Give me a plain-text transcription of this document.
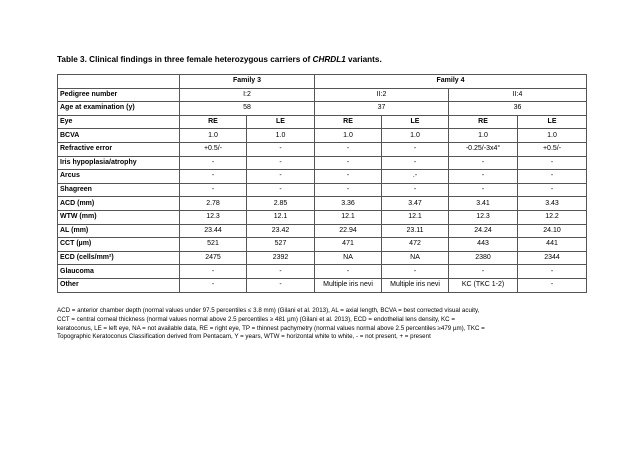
Table 3. Clinical findings in three female heterozygous carriers of CHRDL1 variants.
	Family 3		Family 4			
Pedigree number	I:2		II:2		II:4	
Age at examination (y)	58		37		36	
Eye	RE	LE	RE	LE	RE	LE
BCVA	1.0	1.0	1.0	1.0	1.0	1.0
Refractive error	+0.5/-	-	-	-	-0.25/-3x4°	+0.5/-
Iris hypoplasia/atrophy	-	-	-	-	-	-
Arcus	-	-	-	.-	-	-
Shagreen	-	-	-	-	-	-
ACD (mm)	2.78	2.85	3.36	3.47	3.41	3.43
WTW (mm)	12.3	12.1	12.1	12.1	12.3	12.2
AL (mm)	23.44	23.42	22.94	23.11	24.24	24.10
CCT (µm)	521	527	471	472	443	441
ECD (cells/mm²)	2475	2392	NA	NA	2380	2344
Glaucoma	-	-	-	-	-	-
Other	-	-	Multiple iris nevi	Multiple iris nevi	KC (TKC 1-2)	-
ACD = anterior chamber depth (normal values under 97.5 percentiles ≤ 3.8 mm) (Gilani et al. 2013), AL = axial length, BCVA = best corrected visual acuity,
CCT = central corneal thickness (normal values normal above 2.5 percentiles ≥ 481 µm) (Gilani et al. 2013), ECD = endothelial lens density, KC =
keratoconus, LE = left eye, NA = not available data, RE = right eye, TP = thinnest pachymetry (normal values normal above 2.5 percentiles ≥479 µm), TKC =
Topographic Keratoconus Classification derived from Pentacam, Y = years, WTW = horizontal white to white, - = not present, + = present
